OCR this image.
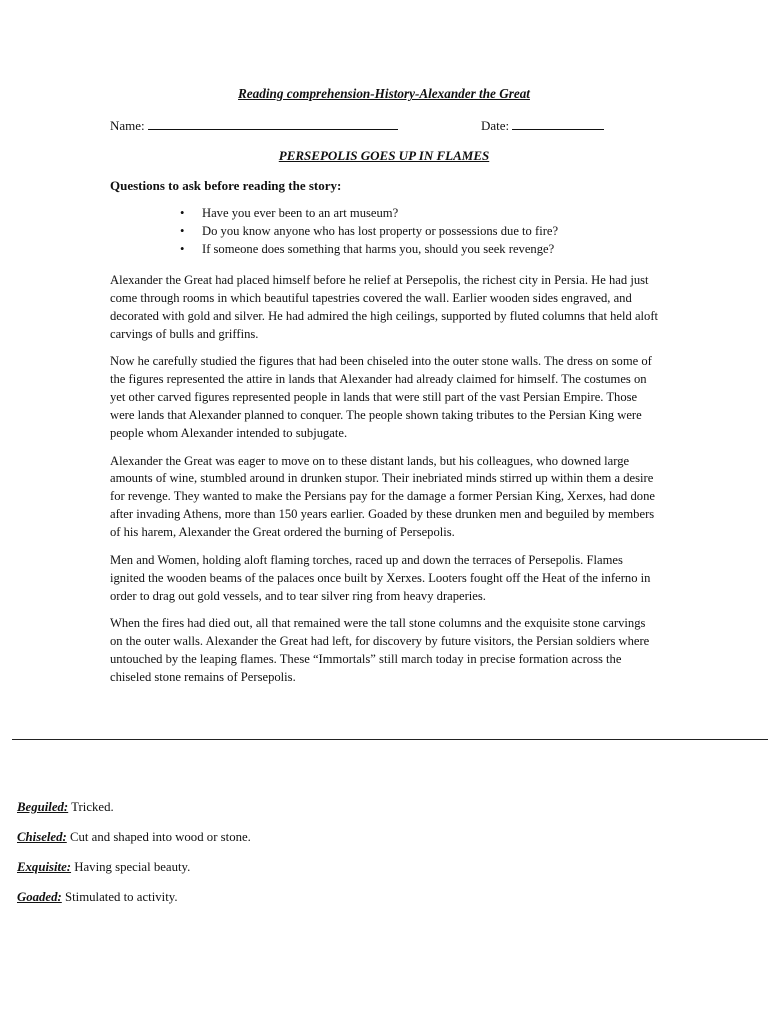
Reading comprehension-History-Alexander the Great
Name:	Date:
PERSEPOLIS GOES UP IN FLAMES
Questions to ask before reading the story:
• Have you ever been to an art museum?
• Do you know anyone who has lost property or possessions due to fire?
• If someone does something that harms you, should you seek revenge?

Alexander the Great had placed himself before he relief at Persepolis, the richest city in Persia. He had just come through rooms in which beautiful tapestries covered the wall. Earlier wooden sides engraved, and decorated with gold and silver. He had admired the high ceilings, supported by fluted columns that held aloft carvings of bulls and griffins.

Now he carefully studied the figures that had been chiseled into the outer stone walls. The dress on some of the figures represented the attire in lands that Alexander had already claimed for himself. The costumes on yet other carved figures represented people in lands that were still part of the vast Persian Empire. Those were lands that Alexander planned to conquer. The people shown taking tributes to the Persian King were people whom Alexander intended to subjugate.

Alexander the Great was eager to move on to these distant lands, but his colleagues, who downed large amounts of wine, stumbled around in drunken stupor. Their inebriated minds stirred up within them a desire for revenge. They wanted to make the Persians pay for the damage a former Persian King, Xerxes, had done after invading Athens, more than 150 years earlier. Goaded by these drunken men and beguiled by members of his harem, Alexander the Great ordered the burning of Persepolis.

Men and Women, holding aloft flaming torches, raced up and down the terraces of Persepolis. Flames ignited the wooden beams of the palaces once built by Xerxes. Looters fought off the Heat of the inferno in order to drag out gold vessels, and to tear silver ring from heavy draperies.

When the fires had died out, all that remained were the tall stone columns and the exquisite stone carvings on the outer walls. Alexander the Great had left, for discovery by future visitors, the Persian soldiers where untouched by the leaping flames. These “Immortals” still march today in precise formation across the chiseled stone remains of Persepolis.

Beguiled: Tricked.
Chiseled: Cut and shaped into wood or stone.
Exquisite: Having special beauty.
Goaded: Stimulated to activity.
